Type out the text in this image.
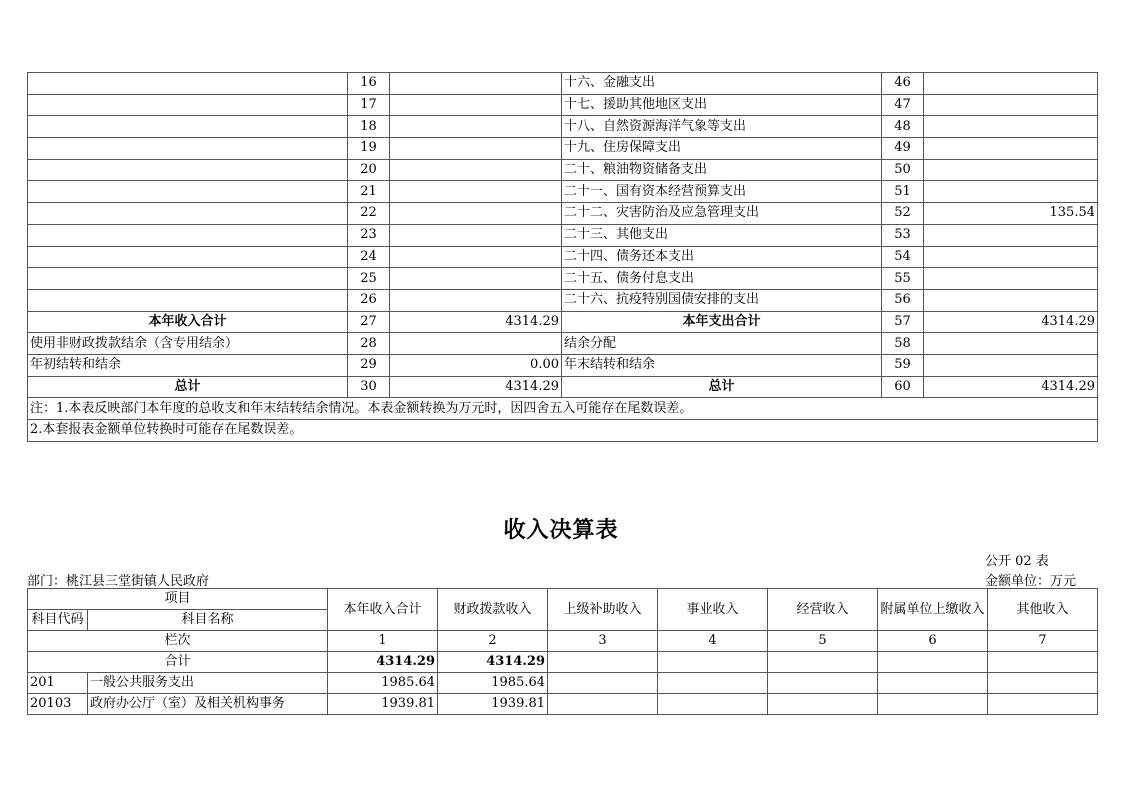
	16		十六、金融支出	46	
	17		十七、援助其他地区支出	47	
	18		十八、自然资源海洋气象等支出	48	
	19		十九、住房保障支出	49	
	20		二十、粮油物资储备支出	50	
	21		二十一、国有资本经营预算支出	51	
	22		二十二、灾害防治及应急管理支出	52	135.54
	23		二十三、其他支出	53	
	24		二十四、债务还本支出	54	
	25		二十五、债务付息支出	55	
	26		二十六、抗疫特别国债安排的支出	56	
本年收入合计	27	4314.29	本年支出合计	57	4314.29
使用非财政拨款结余（含专用结余）	28		结余分配	58	
年初结转和结余	29	0.00	年末结转和结余	59	
总计	30	4314.29	总计	60	4314.29
注：1.本表反映部门本年度的总收支和年末结转结余情况。本表金额转换为万元时，因四舍五入可能存在尾数误差。					
2.本套报表金额单位转换时可能存在尾数误差。					
收入决算表
公开 02 表
部门：桃江县三堂街镇人民政府	金额单位：万元
项目		本年收入合计	财政拨款收入	上级补助收入	事业收入	经营收入	附属单位上缴收入	其他收入
科目代码	科目名称							
栏次		1	2	3	4	5	6	7
合计		4314.29	4314.29					
201	一般公共服务支出	1985.64	1985.64					
20103	政府办公厅（室）及相关机构事务	1939.81	1939.81					
